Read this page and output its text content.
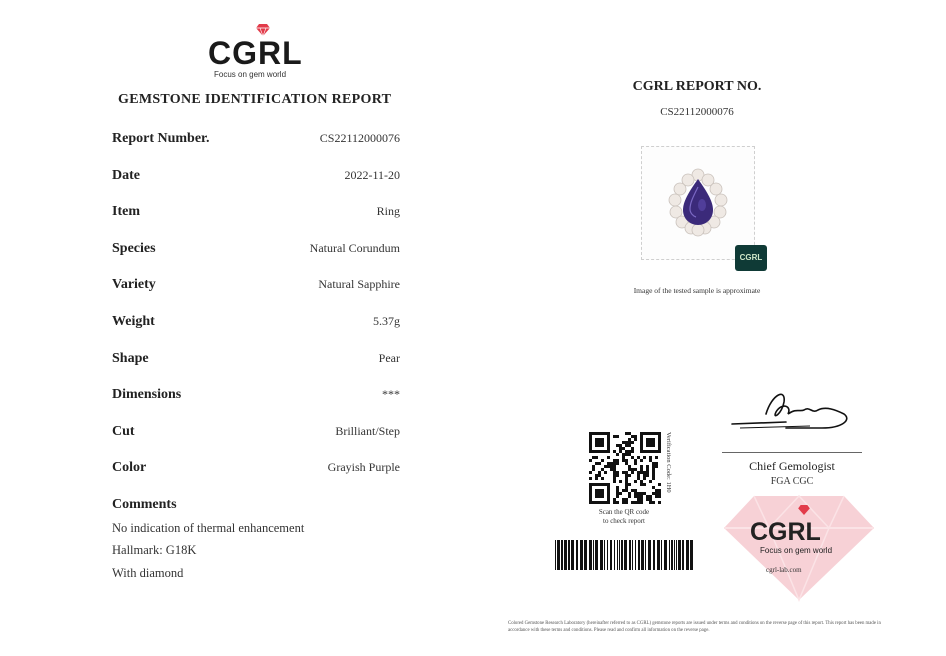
CGRL
Focus on gem world
GEMSTONE IDENTIFICATION REPORT
Report Number.	CS22112000076
Date	2022-11-20
Item	Ring
Species	Natural Corundum
Variety	Natural Sapphire
Weight	5.37g
Shape	Pear
Dimensions	***
Cut	Brilliant/Step
Color	Grayish Purple
Comments
No indication of thermal enhancement
Hallmark: G18K
With diamond
CGRL REPORT NO.
CS22112000076
CGRL
Image of the tested sample is approximate
Chief Gemologist
FGA CGC
Verification Code: 1H0
Scan the QR code
to check report	CGRL
Focus on gem world
cgrl-lab.com
Colored Gemstone Research Laboratory (hereinafter referred to as CGRL) gemstone reports are issued under terms and conditions on the reverse page of this report. This report has been made in accordance with these terms and conditions. Please read and confirm all information on the reverse page.
